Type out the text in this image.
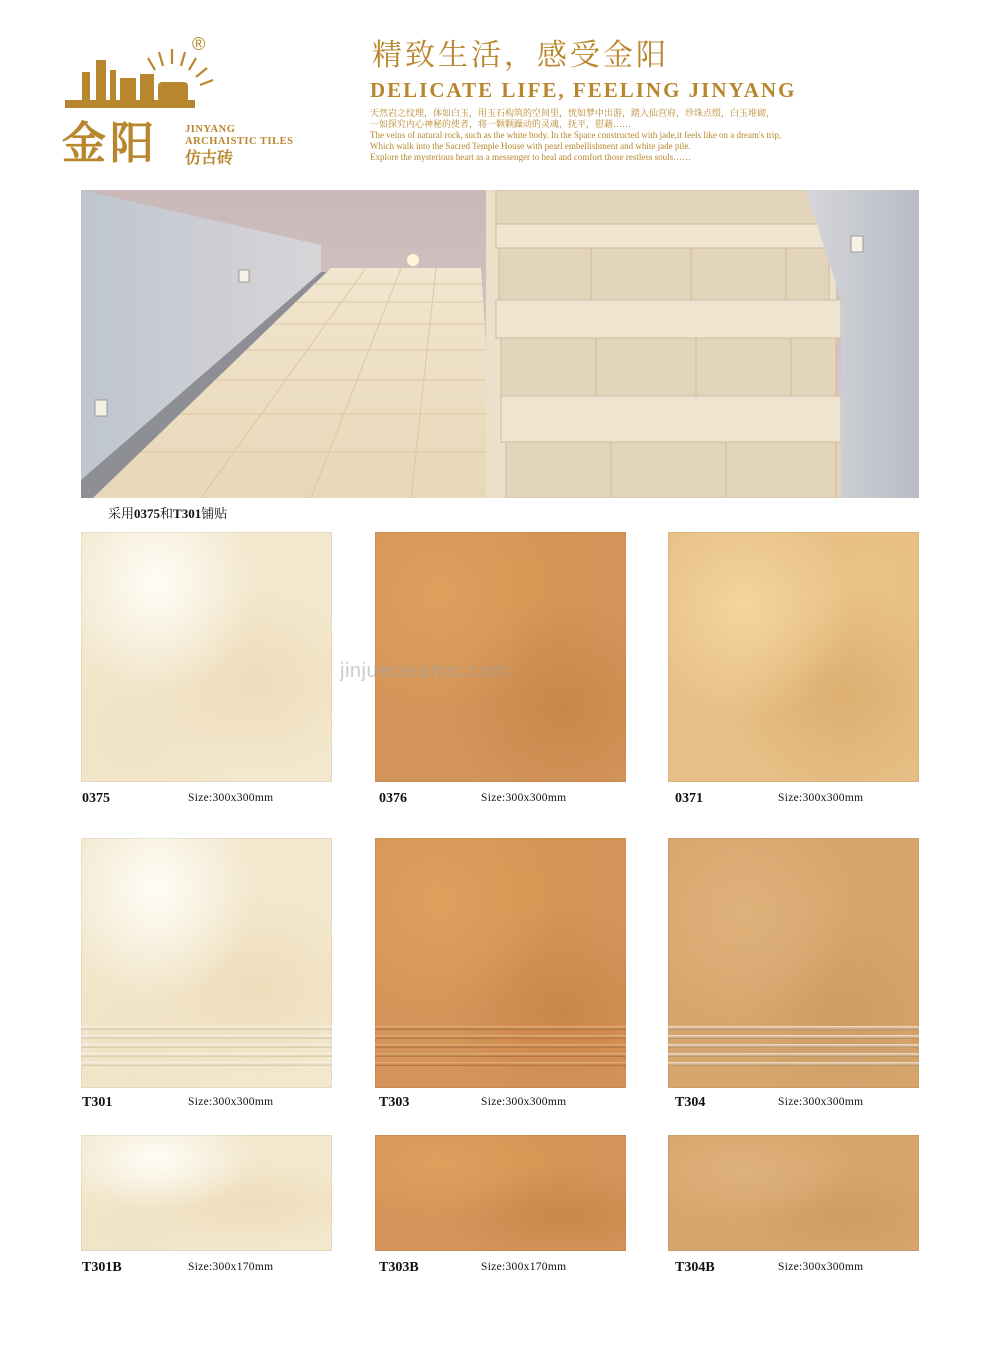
®
金阳	JINYANG
ARCHAISTIC TILES
仿古砖
精致生活，感受金阳
DELICATE LIFE, FEELING JINYANG
天然岩之纹理，体如白玉，用玉石构筑的空间里，恍如梦中出游，踏入仙宫府，珍珠点缀，白玉堆砌，
一如探究内心神秘的使者，将一颗颗躁动的灵魂，抚平，慰藉……
The veins of natural rock, such as the white body. In the Space constructed with jade,it feels like on a dream's trip,
Which walk into the Sacred Temple House with pearl embellishment and white jade pile.
Explore the mysterious heart as a messenger to heal and comfort those restless souls……
采用0375和T301铺贴
0375	Size:300x300mm	0376	Size:300x300mm	0371	Size:300x300mm
T301	Size:300x300mm	T303	Size:300x300mm	T304	Size:300x300mm
T301B	Size:300x170mm	T303B	Size:300x170mm	T304B	Size:300x300mm
jinjueceramic.com
